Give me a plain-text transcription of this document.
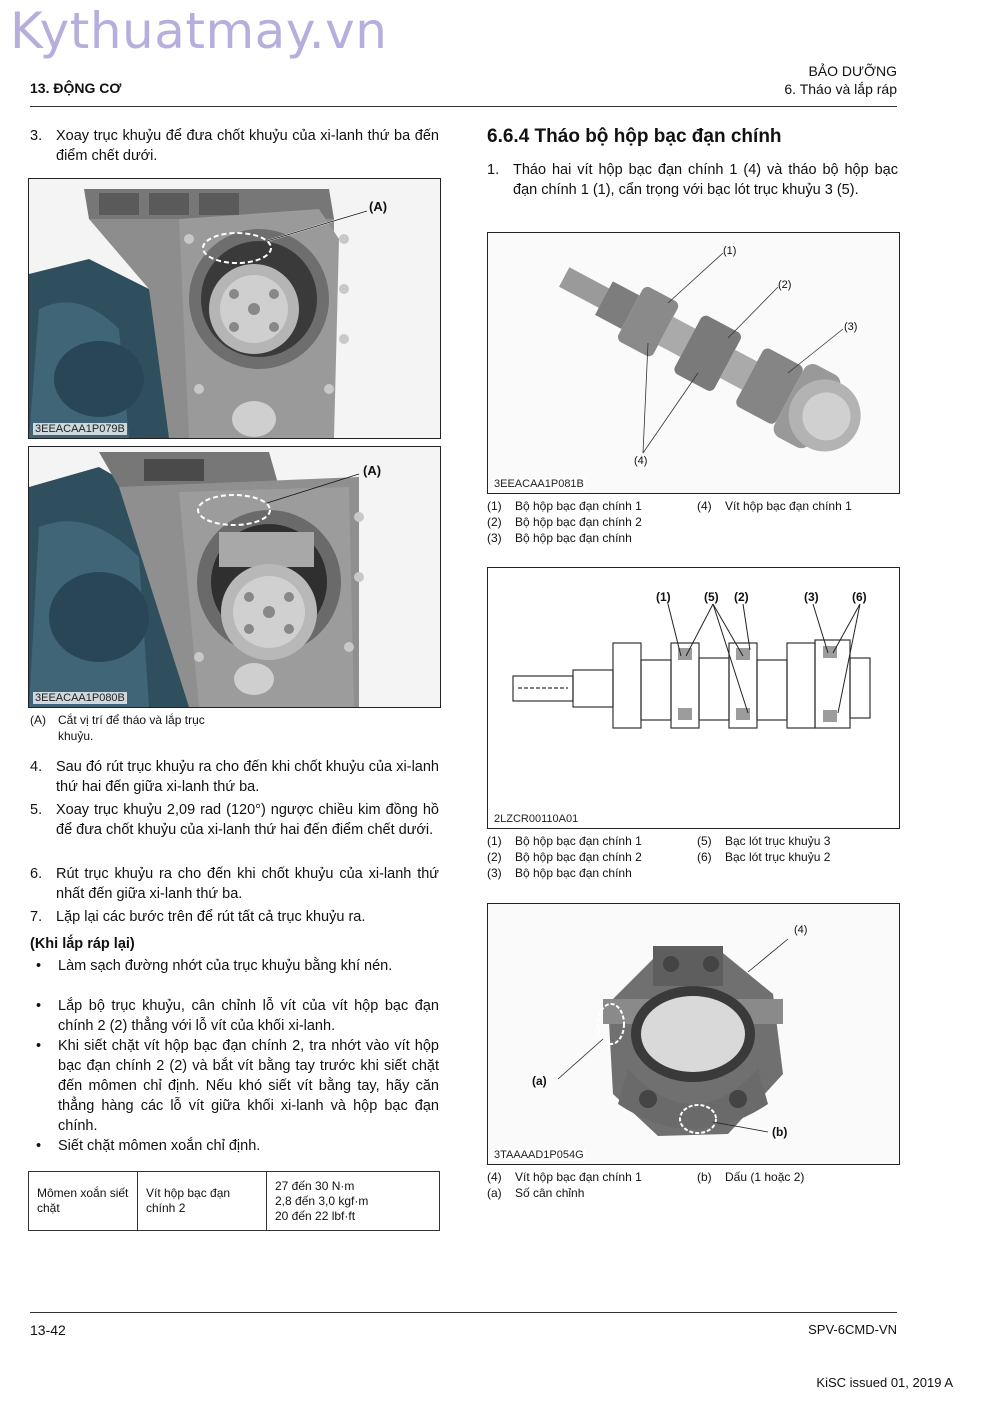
Kythuatmay.vn
13. ĐỘNG CƠ
BẢO DƯỠNG
6. Tháo và lắp ráp
3. Xoay trục khuỷu để đưa chốt khuỷu của xi-lanh thứ ba đến điểm chết dưới.
(A)
3EEACAA1P079B
(A)
3EEACAA1P080B
(A) Cắt vị trí để tháo và lắp trục khuỷu.
4. Sau đó rút trục khuỷu ra cho đến khi chốt khuỷu của xi-lanh thứ hai đến giữa xi-lanh thứ ba.
5. Xoay trục khuỷu 2,09 rad (120°) ngược chiều kim đồng hồ để đưa chốt khuỷu của xi-lanh thứ hai đến điểm chết dưới.
6. Rút trục khuỷu ra cho đến khi chốt khuỷu của xi-lanh thứ nhất đến giữa xi-lanh thứ ba.
7. Lặp lại các bước trên để rút tất cả trục khuỷu ra.
(Khi lắp ráp lại)
• Làm sạch đường nhớt của trục khuỷu bằng khí nén.
• Lắp bộ trục khuỷu, cân chỉnh lỗ vít của vít hộp bạc đạn chính 2 (2) thẳng với lỗ vít của khối xi-lanh.
• Khi siết chặt vít hộp bạc đạn chính 2, tra nhớt vào vít hộp bạc đạn chính 2 (2) và bắt vít bằng tay trước khi siết chặt đến mômen chỉ định. Nếu khó siết vít bằng tay, hãy căn thẳng hàng các lỗ vít giữa khối xi-lanh và hộp bạc đạn chính.
• Siết chặt mômen xoắn chỉ định.
Mômen xoắn siết chặt	Vít hộp bạc đạn chính 2	
27 đến 30 N·m
2,8 đến 3,0 kgf·m
20 đến 22 lbf·ft
6.6.4 Tháo bộ hộp bạc đạn chính
1. Tháo hai vít hộp bạc đạn chính 1 (4) và tháo bộ hộp bạc đạn chính 1 (1), cẩn trọng với bạc lót trục khuỷu 3 (5).
(1)
(2)
(3)
(4)
3EEACAA1P081B
(1) Bộ hộp bạc đạn chính 1
(2) Bộ hộp bạc đạn chính 2
(3) Bộ hộp bạc đạn chính
(4) Vít hộp bạc đạn chính 1
(1)	(5) (2)	(3)	(6)
2LZCR00110A01
(1) Bộ hộp bạc đạn chính 1
(2) Bộ hộp bạc đạn chính 2
(3) Bộ hộp bạc đạn chính
(5) Bạc lót trục khuỷu 3
(6) Bạc lót trục khuỷu 2
(4)
(a)
(b)
3TAAAAD1P054G
(4) Vít hộp bạc đạn chính 1
(a) Số cân chỉnh
(b) Dấu (1 hoặc 2)
13-42	SPV-6CMD-VN
KiSC issued 01, 2019 A
